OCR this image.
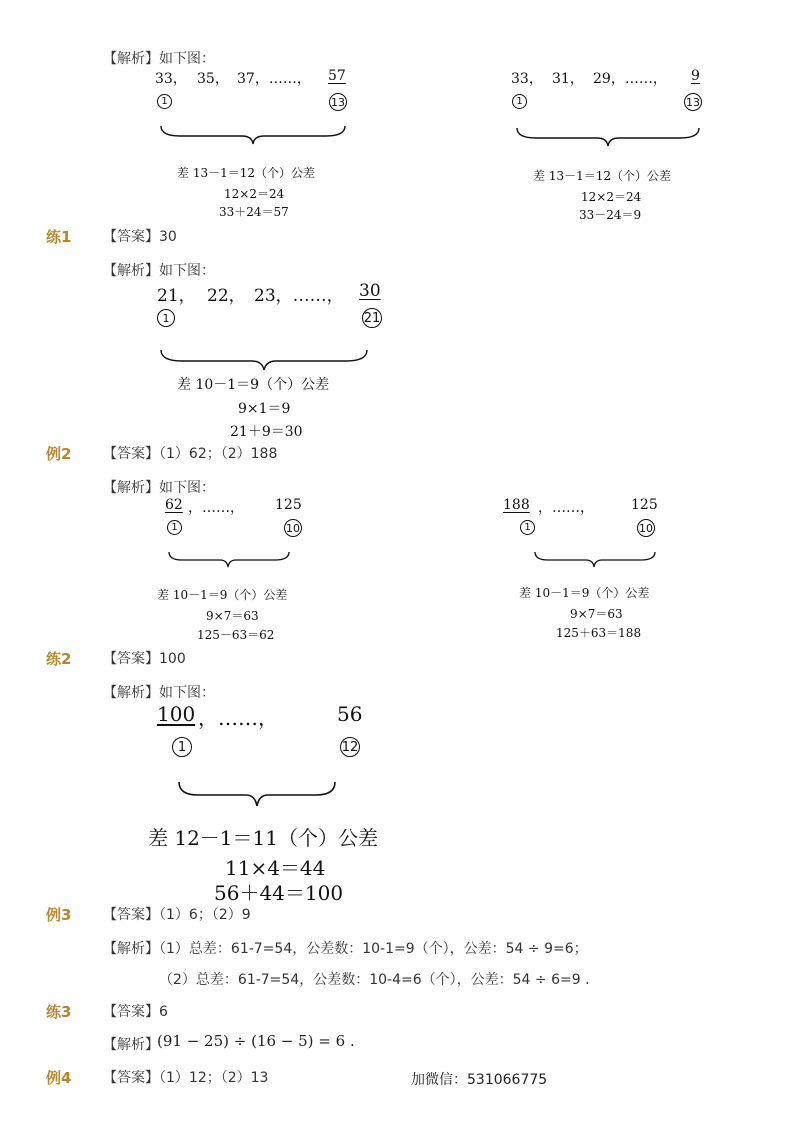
【解析】如下图：
33， 35， 37，……， 57
1	13
差 13－1＝12（个）公差
12×2＝24
33＋24＝57
33， 31， 29，……， 9
1	13
差 13－1＝12（个）公差
12×2＝24
33－24＝9
练1 【答案】30
【解析】如下图：
21， 22， 23，……， 30
1	21
差 10－1＝9（个）公差
9×1＝9
21＋9＝30
例2 【答案】（1）62；（2）188
【解析】如下图：
62 ，……， 125
1	10
差 10－1＝9（个）公差
9×7＝63
125－63＝62
188 ，……，	125
1	10
差 10－1＝9（个）公差
9×7＝63
125＋63＝188
练2 【答案】100
【解析】如下图：
100 ，……，	56
1	12
差 12－1＝11（个）公差
11×4＝44
56＋44＝100
例3 【答案】（1）6；（2）9
【解析】（1）总差：61-7=54，公差数：10-1=9（个），公差：54 ÷ 9=6；
（2）总差：61-7=54，公差数：10-4=6（个），公差：54 ÷ 6=9 .
练3 【答案】6
【解析】
(91 − 25) ÷ (16 − 5) = 6 .
例4 【答案】（1）12；（2）13	加微信：531066775
